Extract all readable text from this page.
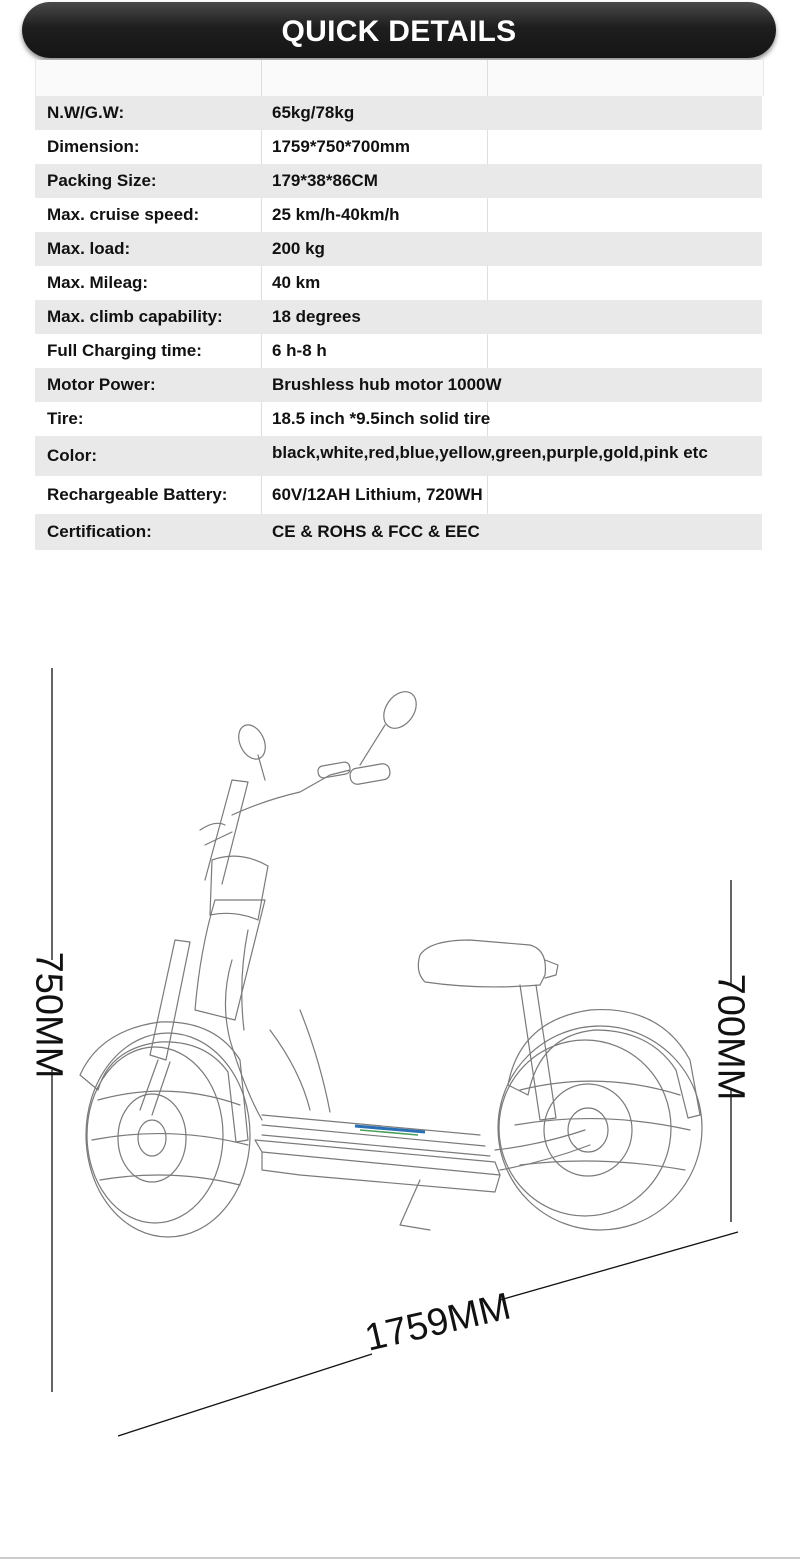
QUICK DETAILS
N.W/G.W:	65kg/78kg
Dimension:	1759*750*700mm
Packing Size:	179*38*86CM
Max. cruise speed:	25 km/h-40km/h
Max. load:	200 kg
Max. Mileag:	40 km
Max. climb capability:	18 degrees
Full Charging time:	6 h-8 h
Motor Power:	Brushless hub motor 1000W
Tire:	18.5 inch *9.5inch solid tire
Color:	black,white,red,blue,yellow,green,purple,gold,pink etc
Rechargeable Battery:	60V/12AH Lithium, 720WH
Certification:	CE & ROHS & FCC & EEC
750MM	700MM
1759MM
